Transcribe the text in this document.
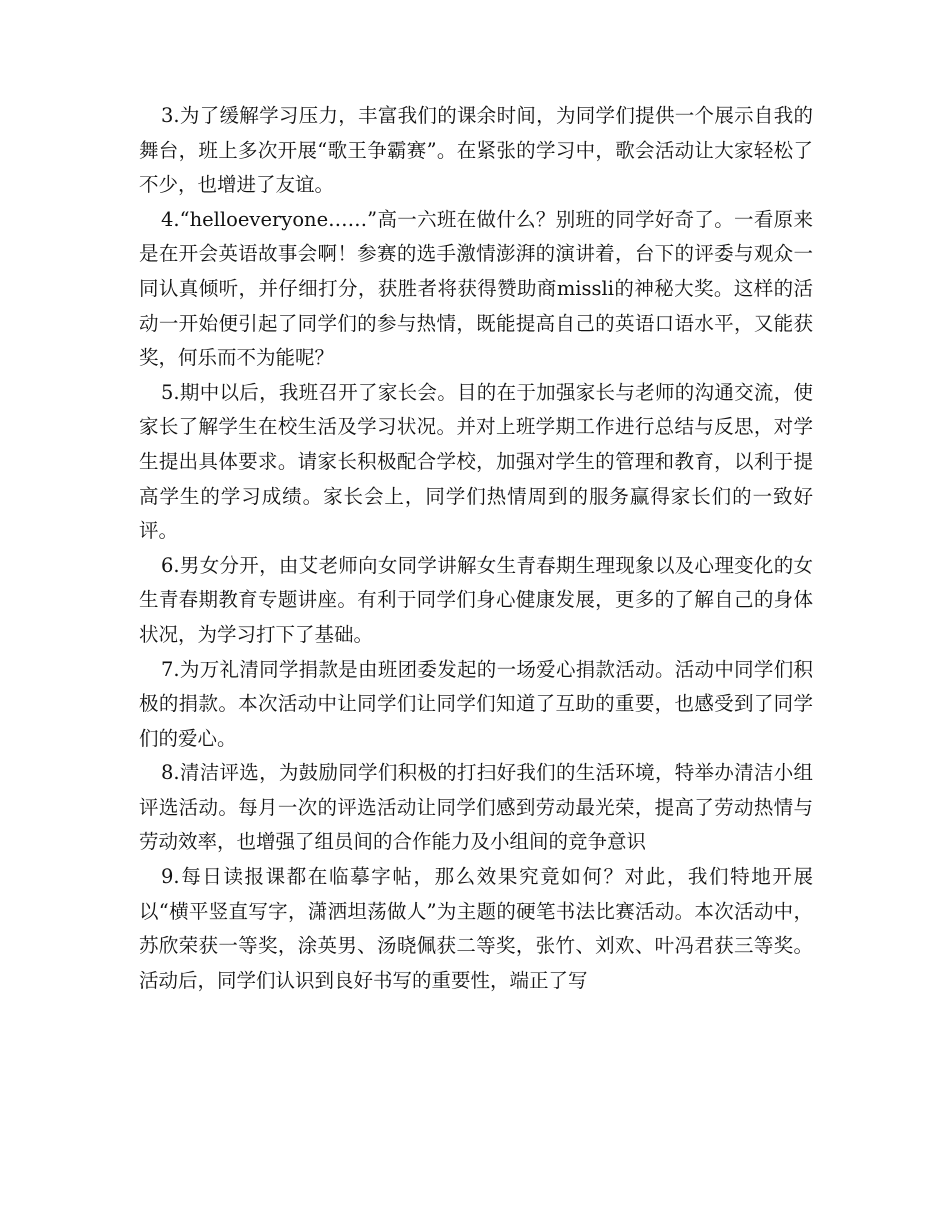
3.为了缓解学习压力，丰富我们的课余时间，为同学们提供一个展示自我的舞台，班上多次开展“歌王争霸赛”。在紧张的学习中，歌会活动让大家轻松了不少，也增进了友谊。

4.“helloeveryone……”高一六班在做什么？别班的同学好奇了。一看原来是在开会英语故事会啊！参赛的选手激情澎湃的演讲着，台下的评委与观众一同认真倾听，并仔细打分，获胜者将获得赞助商missli的神秘大奖。这样的活动一开始便引起了同学们的参与热情，既能提高自己的英语口语水平，又能获奖，何乐而不为能呢？

5.期中以后，我班召开了家长会。目的在于加强家长与老师的沟通交流，使家长了解学生在校生活及学习状况。并对上班学期工作进行总结与反思，对学生提出具体要求。请家长积极配合学校，加强对学生的管理和教育，以利于提高学生的学习成绩。家长会上，同学们热情周到的服务赢得家长们的一致好评。

6.男女分开，由艾老师向女同学讲解女生青春期生理现象以及心理变化的女生青春期教育专题讲座。有利于同学们身心健康发展，更多的了解自己的身体状况，为学习打下了基础。

7.为万礼清同学捐款是由班团委发起的一场爱心捐款活动。活动中同学们积极的捐款。本次活动中让同学们让同学们知道了互助的重要，也感受到了同学们的爱心。

8.清洁评选，为鼓励同学们积极的打扫好我们的生活环境，特举办清洁小组评选活动。每月一次的评选活动让同学们感到劳动最光荣，提高了劳动热情与劳动效率，也增强了组员间的合作能力及小组间的竞争意识

9.每日读报课都在临摹字帖，那么效果究竟如何？对此，我们特地开展以“横平竖直写字，潇洒坦荡做人”为主题的硬笔书法比赛活动。本次活动中，苏欣荣获一等奖，涂英男、汤晓佩获二等奖，张竹、刘欢、叶冯君获三等奖。活动后，同学们认识到良好书写的重要性，端正了写
